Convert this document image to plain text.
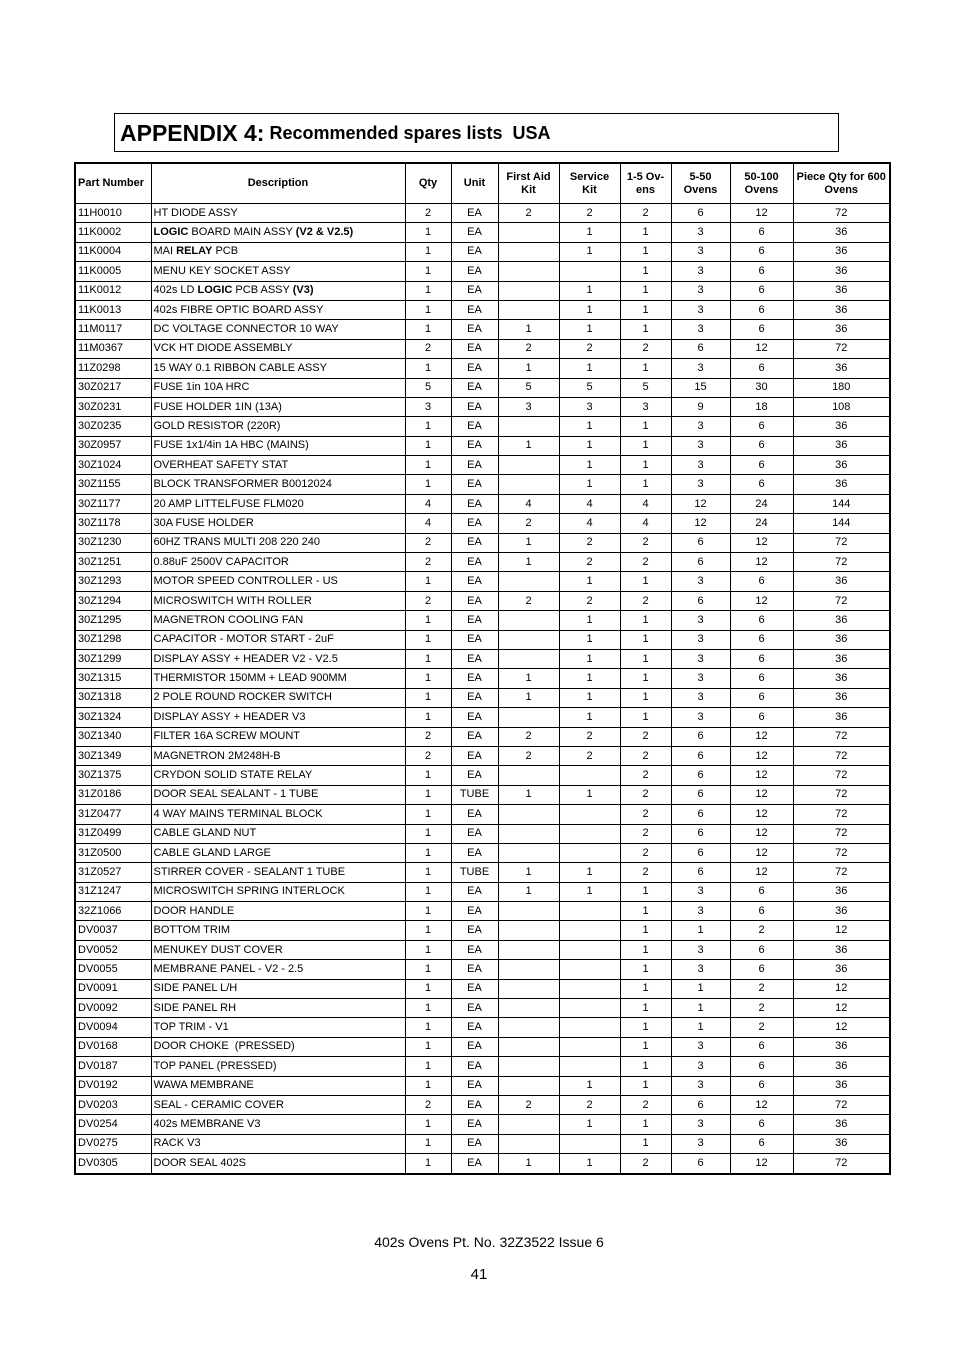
APPENDIX 4: Recommended spares lists  USA
Part Number	Description	Qty	Unit	First Aid Kit	Service Kit	1-5 Ov-ens	5-50 Ovens	50-100 Ovens	Piece Qty for 600 Ovens
11H0010	HT DIODE ASSY	2	EA	2	2	2	6	12	72
11K0002	LOGIC BOARD MAIN ASSY (V2 & V2.5)	1	EA		1	1	3	6	36
11K0004	MAI RELAY PCB	1	EA		1	1	3	6	36
11K0005	MENU KEY SOCKET ASSY	1	EA			1	3	6	36
11K0012	402s LD LOGIC PCB ASSY (V3)	1	EA		1	1	3	6	36
11K0013	402s FIBRE OPTIC BOARD ASSY	1	EA		1	1	3	6	36
11M0117	DC VOLTAGE CONNECTOR 10 WAY	1	EA	1	1	1	3	6	36
11M0367	VCK HT DIODE ASSEMBLY	2	EA	2	2	2	6	12	72
11Z0298	15 WAY 0.1 RIBBON CABLE ASSY	1	EA	1	1	1	3	6	36
30Z0217	FUSE 1in 10A HRC	5	EA	5	5	5	15	30	180
30Z0231	FUSE HOLDER 1IN (13A)	3	EA	3	3	3	9	18	108
30Z0235	GOLD RESISTOR (220R)	1	EA		1	1	3	6	36
30Z0957	FUSE 1x1/4in 1A HBC (MAINS)	1	EA	1	1	1	3	6	36
30Z1024	OVERHEAT SAFETY STAT	1	EA		1	1	3	6	36
30Z1155	BLOCK TRANSFORMER B0012024	1	EA		1	1	3	6	36
30Z1177	20 AMP LITTELFUSE FLM020	4	EA	4	4	4	12	24	144
30Z1178	30A FUSE HOLDER	4	EA	2	4	4	12	24	144
30Z1230	60HZ TRANS MULTI 208 220 240	2	EA	1	2	2	6	12	72
30Z1251	0.88uF 2500V CAPACITOR	2	EA	1	2	2	6	12	72
30Z1293	MOTOR SPEED CONTROLLER - US	1	EA		1	1	3	6	36
30Z1294	MICROSWITCH WITH ROLLER	2	EA	2	2	2	6	12	72
30Z1295	MAGNETRON COOLING FAN	1	EA		1	1	3	6	36
30Z1298	CAPACITOR - MOTOR START - 2uF	1	EA		1	1	3	6	36
30Z1299	DISPLAY ASSY + HEADER V2 - V2.5	1	EA		1	1	3	6	36
30Z1315	THERMISTOR 150MM + LEAD 900MM	1	EA	1	1	1	3	6	36
30Z1318	2 POLE ROUND ROCKER SWITCH	1	EA	1	1	1	3	6	36
30Z1324	DISPLAY ASSY + HEADER V3	1	EA		1	1	3	6	36
30Z1340	FILTER 16A SCREW MOUNT	2	EA	2	2	2	6	12	72
30Z1349	MAGNETRON 2M248H-B	2	EA	2	2	2	6	12	72
30Z1375	CRYDON SOLID STATE RELAY	1	EA			2	6	12	72
31Z0186	DOOR SEAL SEALANT - 1 TUBE	1	TUBE	1	1	2	6	12	72
31Z0477	4 WAY MAINS TERMINAL BLOCK	1	EA			2	6	12	72
31Z0499	CABLE GLAND NUT	1	EA			2	6	12	72
31Z0500	CABLE GLAND LARGE	1	EA			2	6	12	72
31Z0527	STIRRER COVER - SEALANT 1 TUBE	1	TUBE	1	1	2	6	12	72
31Z1247	MICROSWITCH SPRING INTERLOCK	1	EA	1	1	1	3	6	36
32Z1066	DOOR HANDLE	1	EA			1	3	6	36
DV0037	BOTTOM TRIM	1	EA			1	1	2	12
DV0052	MENUKEY DUST COVER	1	EA			1	3	6	36
DV0055	MEMBRANE PANEL - V2 - 2.5	1	EA			1	3	6	36
DV0091	SIDE PANEL L/H	1	EA			1	1	2	12
DV0092	SIDE PANEL RH	1	EA			1	1	2	12
DV0094	TOP TRIM - V1	1	EA			1	1	2	12
DV0168	DOOR CHOKE  (PRESSED)	1	EA			1	3	6	36
DV0187	TOP PANEL (PRESSED)	1	EA			1	3	6	36
DV0192	WAWA MEMBRANE	1	EA		1	1	3	6	36
DV0203	SEAL - CERAMIC COVER	2	EA	2	2	2	6	12	72
DV0254	402s MEMBRANE V3	1	EA		1	1	3	6	36
DV0275	RACK V3	1	EA			1	3	6	36
DV0305	DOOR SEAL 402S	1	EA	1	1	2	6	12	72
402s Ovens Pt. No. 32Z3522 Issue 6
41
